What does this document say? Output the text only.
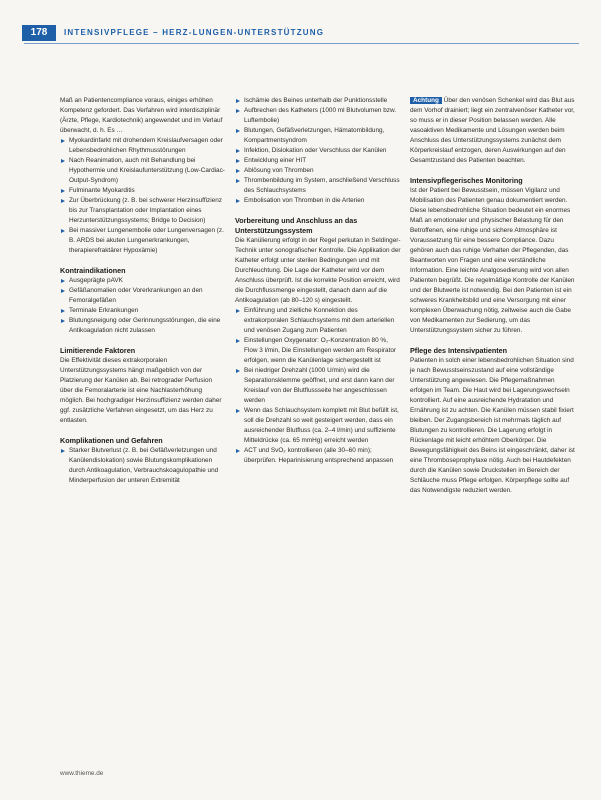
178	INTENSIVPFLEGE – HERZ-LUNGEN-UNTERSTÜTZUNG

Maß an Patientencompliance voraus, einiges erhöhen Kompetenz gefordert. Das Verfahren wird interdisziplinär (Ärzte, Pflege, Kardiotechnik) angewendet und im Verlauf überwacht, d. h. Es …

Myokardinfarkt mit drohendem Kreislaufversagen oder Lebensbedrohlichen Rhythmusstörungen
Nach Reanimation, auch mit Behandlung bei Hypothermie und Kreislaufunterstützung (Low-Cardiac-Output-Syndrom)
Fulminante Myokarditis
Zur Überbrückung (z. B. bei schwerer Herzinsuffizienz bis zur Transplantation oder Implantation eines Herzunterstützungssystems; Bridge to Decision)
Bei massiver Lungenembolie oder Lungenversagen (z. B. ARDS bei akuten Lungenerkrankungen, therapierefraktärer Hypoxämie)
Kontraindikationen
Ausgeprägte pAVK
Gefäßanomalien oder Vorerkrankungen an den Femoralgefäßen
Terminale Erkrankungen
Blutungsneigung oder Gerinnungsstörungen, die eine Antikoagulation nicht zulassen
Limitierende Faktoren

Die Effektivität dieses extrakorporalen Unterstützungssystems hängt maßgeblich von der Platzierung der Kanülen ab. Bei retrograder Perfusion über die Femoralarterie ist eine Nachlasterhöhung möglich. Bei hochgradiger Herzinsuffizienz werden daher ggf. zusätzliche Verfahren eingesetzt, um das Herz zu entlasten.

Komplikationen und Gefahren
Starker Blutverlust (z. B. bei Gefäßverletzungen und Kanülendislokation) sowie Blutungskomplikationen durch Antikoagulation, Verbrauchskoagulopathie und Minderperfusion der unteren Extremität
Ischämie des Beines unterhalb der Punktionsstelle
Aufbrechen des Katheters (1000 ml Blutvolumen bzw. Luftembolie)
Blutungen, Gefäßverletzungen, Hämatombildung, Kompartmentsyndrom
Infektion, Dislokation oder Verschluss der Kanülen
Entwicklung einer HIT
Ablösung von Thromben
Thrombenbildung im System, anschließend Verschluss des Schlauchsystems
Embolisation von Thromben in die Arterien
Vorbereitung und Anschluss an das Unterstützungssystem

Die Kanülierung erfolgt in der Regel perkutan in Seldinger-Technik unter sonografischer Kontrolle. Die Applikation der Katheter erfolgt unter sterilen Bedingungen und mit Durchleuchtung. Die Lage der Katheter wird vor dem Anschluss überprüft. Ist die korrekte Position erreicht, wird die Durchflussmenge eingestellt, danach dann auf die Antikoagulation (ab 80–120 s) eingestellt.

Einführung und zielliche Konnektion des extrakorporalen Schlauchsystems mit dem arteriellen und venösen Zugang zum Patienten
Einstellungen Oxygenator: O₂-Konzentration 80 %, Flow 3 l/min, Die Einstellungen werden am Respirator erfolgen, wenn die Kanülenlage sichergestellt ist
Bei niedriger Drehzahl (1000 U/min) wird die Separationsklemme geöffnet, und erst dann kann der Kreislauf von der Blutflussseite her angeschlossen werden
Wenn das Schlauchsystem komplett mit Blut befüllt ist, soll die Drehzahl so weit gesteigert werden, dass ein ausreichender Blutfluss (ca. 2–4 l/min) und suffiziente Mitteldrücke (ca. 65 mmHg) erreicht werden
ACT und SvO₂ kontrollieren (alle 30–60 min); überprüfen. Heparinisierung entsprechend anpassen

Achtung Über den venösen Schenkel wird das Blut aus dem Vorhof drainiert; liegt ein zentralvenöser Katheter vor, so muss er in dieser Position belassen werden. Alle vasoaktiven Medikamente und Lösungen werden beim Anschluss des Unterstützungssystems zunächst dem Körperkreislauf entzogen, deren Auswirkungen auf den Gesamtzustand des Patienten beachten.

Intensivpflegerisches Monitoring

Ist der Patient bei Bewusstsein, müssen Vigilanz und Mobilisation des Patienten genau dokumentiert werden. Diese lebensbedrohliche Situation bedeutet ein enormes Maß an emotionaler und physischer Belastung für den Betroffenen, eine ruhige und sichere Atmosphäre ist Voraussetzung für eine bessere Compliance. Dazu gehören auch das ruhige Verhalten der Pflegenden, das Beantworten von Fragen und eine verständliche Information. Eine leichte Analgosedierung wird von allen Patienten begrüßt. Die regelmäßige Kontrolle der Kanülen und der Blutwerte ist notwendig. Bei den Patienten ist ein schweres Krankheitsbild und eine Versorgung mit einer komplexen Überwachung nötig, zeitweise auch die Gabe von Medikamenten zur Sedierung, um das Unterstützungssystem sicher zu führen.

Pflege des Intensivpatienten

Patienten in solch einer lebensbedrohlichen Situation sind je nach Bewusstseinszustand auf eine vollständige Unterstützung angewiesen. Die Pflegemaßnahmen erfolgen im Team. Die Haut wird bei Lagerungswechseln kontrolliert. Auf eine ausreichende Hydratation und Ernährung ist zu achten. Die Kanülen müssen stabil fixiert bleiben. Der Zugangsbereich ist mehrmals täglich auf Blutungen zu kontrollieren. Die Lagerung erfolgt in Rückenlage mit leicht erhöhtem Oberkörper. Die Bewegungsfähigkeit des Beins ist eingeschränkt, daher ist eine Thromboseprophylaxe nötig. Auch bei Hautdefekten durch die Kanülen sowie Druckstellen im Bereich der Schläuche muss Pflege erfolgen. Körperpflege sollte auf das Notwendigste reduziert werden.

www.thieme.de
